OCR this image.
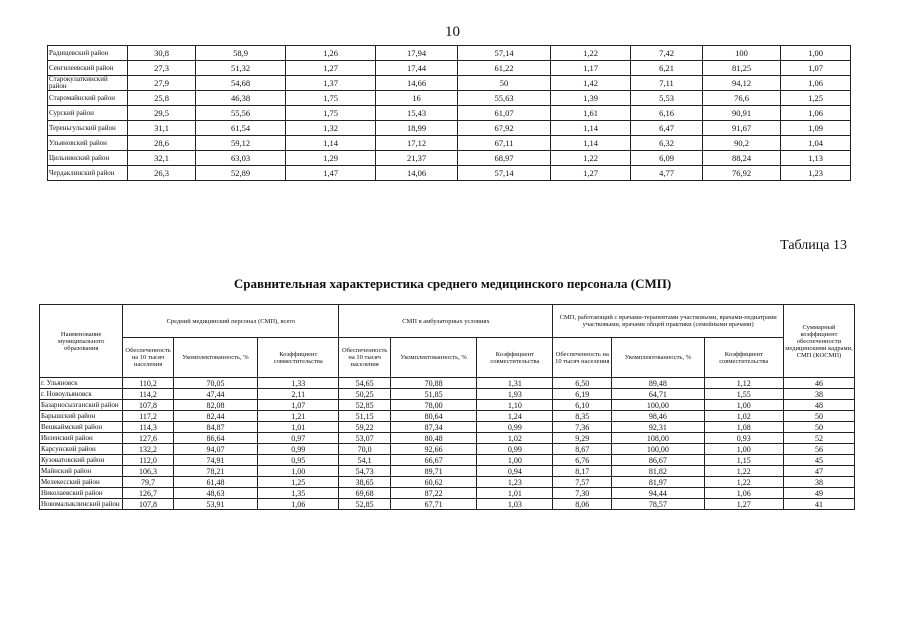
10
Радищевский район	30,8	58,9	1,26	17,94	57,14	1,22	7,42	100	1,00
Сенгилеевский район	27,3	51,32	1,27	17,44	61,22	1,17	6,21	81,25	1,07
Старокулаткинский район	27,9	54,68	1,37	14,66	50	1,42	7,11	94,12	1,06
Старомайнский район	25,8	46,38	1,75	16	55,63	1,39	5,53	76,6	1,25
Сурский район	29,5	55,56	1,75	15,43	61,07	1,61	6,16	90,91	1,06
Тереньгульский район	31,1	61,54	1,32	18,99	67,92	1,14	6,47	91,67	1,09
Ульяновский район	28,6	59,12	1,14	17,12	67,11	1,14	6,32	90,2	1,04
Цильнинский район	32,1	63,03	1,29	21,37	68,97	1,22	6,09	88,24	1,13
Чердаклинский район	26,3	52,89	1,47	14,06	57,14	1,27	4,77	76,92	1,23
Таблица 13
Сравнительная характеристика среднего медицинского персонала (СМП)
Наименование муниципального образования	Средний медицинский персонал (СМП), всего			СМП в амбулаторных условиях			СМП, работающий с врачами-терапевтами участковыми, врачами-педиатрами участковыми, врачами общей практики (семейными врачами)			Суммарный коэффициент обеспеченности медицинскими кадрами, СМП (КОСМП)
	Обеспеченность на 10 тысяч населения	Укомплектованность, %	Коэффициент совместительства	Обеспеченность на 10 тысяч населения	Укомплектованность, %	Коэффициент совместительства	Обеспеченность на 10 тысяч населения	Укомплектованность, %	Коэффициент совместительства	
г. Ульяновск	110,2	70,05	1,33	54,65	70,88	1,31	6,50	89,48	1,12	46
г. Новоульяновск	114,2	47,44	2,11	50,25	51,85	1,93	6,19	64,71	1,55	38
Базарносызганский район	107,8	82,08	1,07	52,85	78,00	1,10	6,10	100,00	1,00	48
Барышский район	117,2	82,44	1,21	51,15	80,64	1,24	8,35	98,46	1,02	50
Вешкаймский район	114,3	84,87	1,01	59,22	87,34	0,99	7,36	92,31	1,08	50
Инзенский район	127,6	86,64	0,97	53,07	80,48	1,02	9,29	108,00	0,93	52
Карсунский район	132,2	94,07	0,99	70,0	92,66	0,99	8,67	100,00	1,00	56
Кузоватовский район	112,0	74,91	0,95	54,1	66,67	1,00	6,76	86,67	1,15	45
Майнский район	106,3	78,21	1,00	54,73	89,71	0,94	8,17	81,82	1,22	47
Мелекесский район	79,7	61,48	1,25	38,65	60,62	1,23	7,57	81,97	1,22	38
Николаевский район	126,7	48,63	1,35	69,68	87,22	1,01	7,30	94,44	1,06	49
Новомалыклинский район	107,8	53,91	1,06	52,85	67,71	1,03	8,06	78,57	1,27	41
